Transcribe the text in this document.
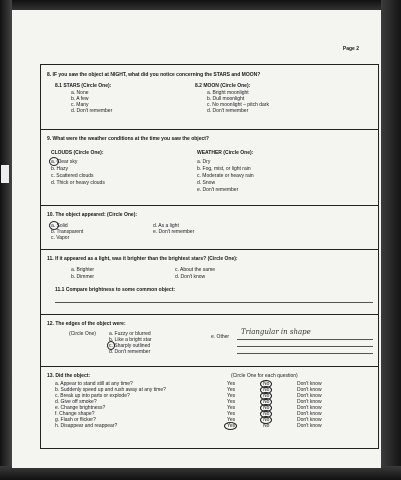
Page 2
8. IF you saw the object at NIGHT, what did you notice concerning the STARS and MOON?
8.1 STARS (Circle One):
a. None
b. A few
c. Many
d. Don't remember
8.2 MOON (Circle One):
a. Bright moonlight
b. Dull moonlight
c. No moonlight – pitch dark
d. Don't remember
9. What were the weather conditions at the time you saw the object?
CLOUDS (Circle One):
a. Clear sky
b. Hazy
c. Scattered clouds
d. Thick or heavy clouds
WEATHER (Circle One):
a. Dry
b. Fog, mist, or light rain
c. Moderate or heavy rain
d. Snow
e. Don't remember
10. The object appeared: (Circle One):
a. Solid
b. Transparent
c. Vapor
d. As a light
e. Don't remember
11. If it appeared as a light, was it brighter than the brightest stars? (Circle One):
a. Brighter
b. Dimmer
c. About the same
d. Don't know
11.1 Compare brightness to some common object:
12. The edges of the object were:
(Circle One)	a. Fuzzy or blurred
b. Like a bright star
c. Sharply outlined
d. Don't remember
e. Other
Triangular in shape
13. Did the object:	(Circle One for each question)
a. Appear to stand still at any time?
b. Suddenly speed up and rush away at any time?
c. Break up into parts or explode?
d. Give off smoke?
e. Change brightness?
f. Change shape?
g. Flash or flicker?
h. Disappear and reappear?
Yes
Yes
Yes
Yes
Yes
Yes
Yes
Yes
No
No
No
No
No
No
No
No
Don't know
Don't know
Don't know
Don't know
Don't know
Don't know
Don't know
Don't know
